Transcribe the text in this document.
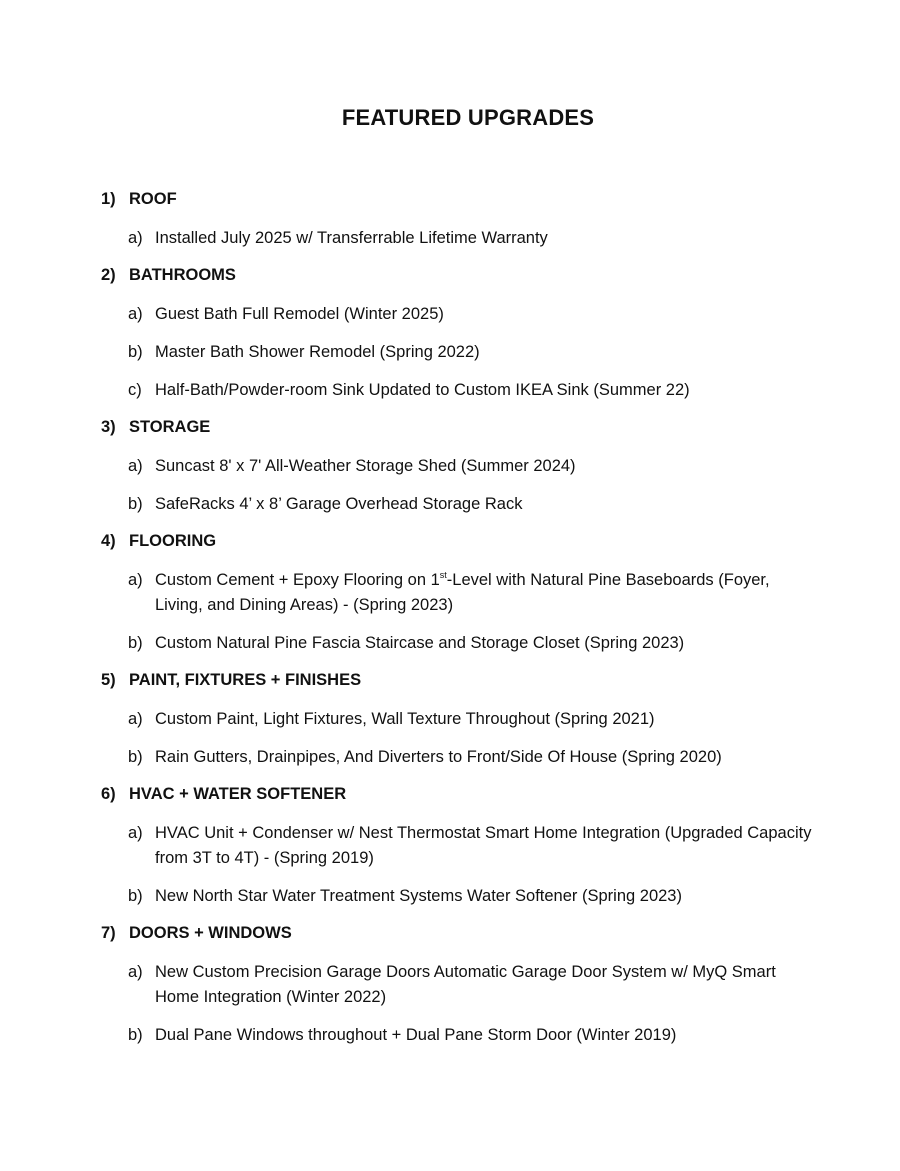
FEATURED UPGRADES
1) ROOF
a) Installed July 2025 w/ Transferrable Lifetime Warranty
2) BATHROOMS
a) Guest Bath Full Remodel (Winter 2025)
b) Master Bath Shower Remodel (Spring 2022)
c) Half-Bath/Powder-room Sink Updated to Custom IKEA Sink (Summer 22)
3) STORAGE
a) Suncast 8' x 7' All-Weather Storage Shed (Summer 2024)
b) SafeRacks 4’ x 8’ Garage Overhead Storage Rack
4) FLOORING
a) Custom Cement + Epoxy Flooring on 1st-Level with Natural Pine Baseboards (Foyer, Living, and Dining Areas) - (Spring 2023)
b) Custom Natural Pine Fascia Staircase and Storage Closet (Spring 2023)
5) PAINT, FIXTURES + FINISHES
a) Custom Paint, Light Fixtures, Wall Texture Throughout (Spring 2021)
b) Rain Gutters, Drainpipes, And Diverters to Front/Side Of House (Spring 2020)
6) HVAC + WATER SOFTENER
a) HVAC Unit + Condenser w/ Nest Thermostat Smart Home Integration (Upgraded Capacity from 3T to 4T) - (Spring 2019)
b) New North Star Water Treatment Systems Water Softener (Spring 2023)
7) DOORS + WINDOWS
a) New Custom Precision Garage Doors Automatic Garage Door System w/ MyQ Smart Home Integration (Winter 2022)
b) Dual Pane Windows throughout + Dual Pane Storm Door (Winter 2019)
